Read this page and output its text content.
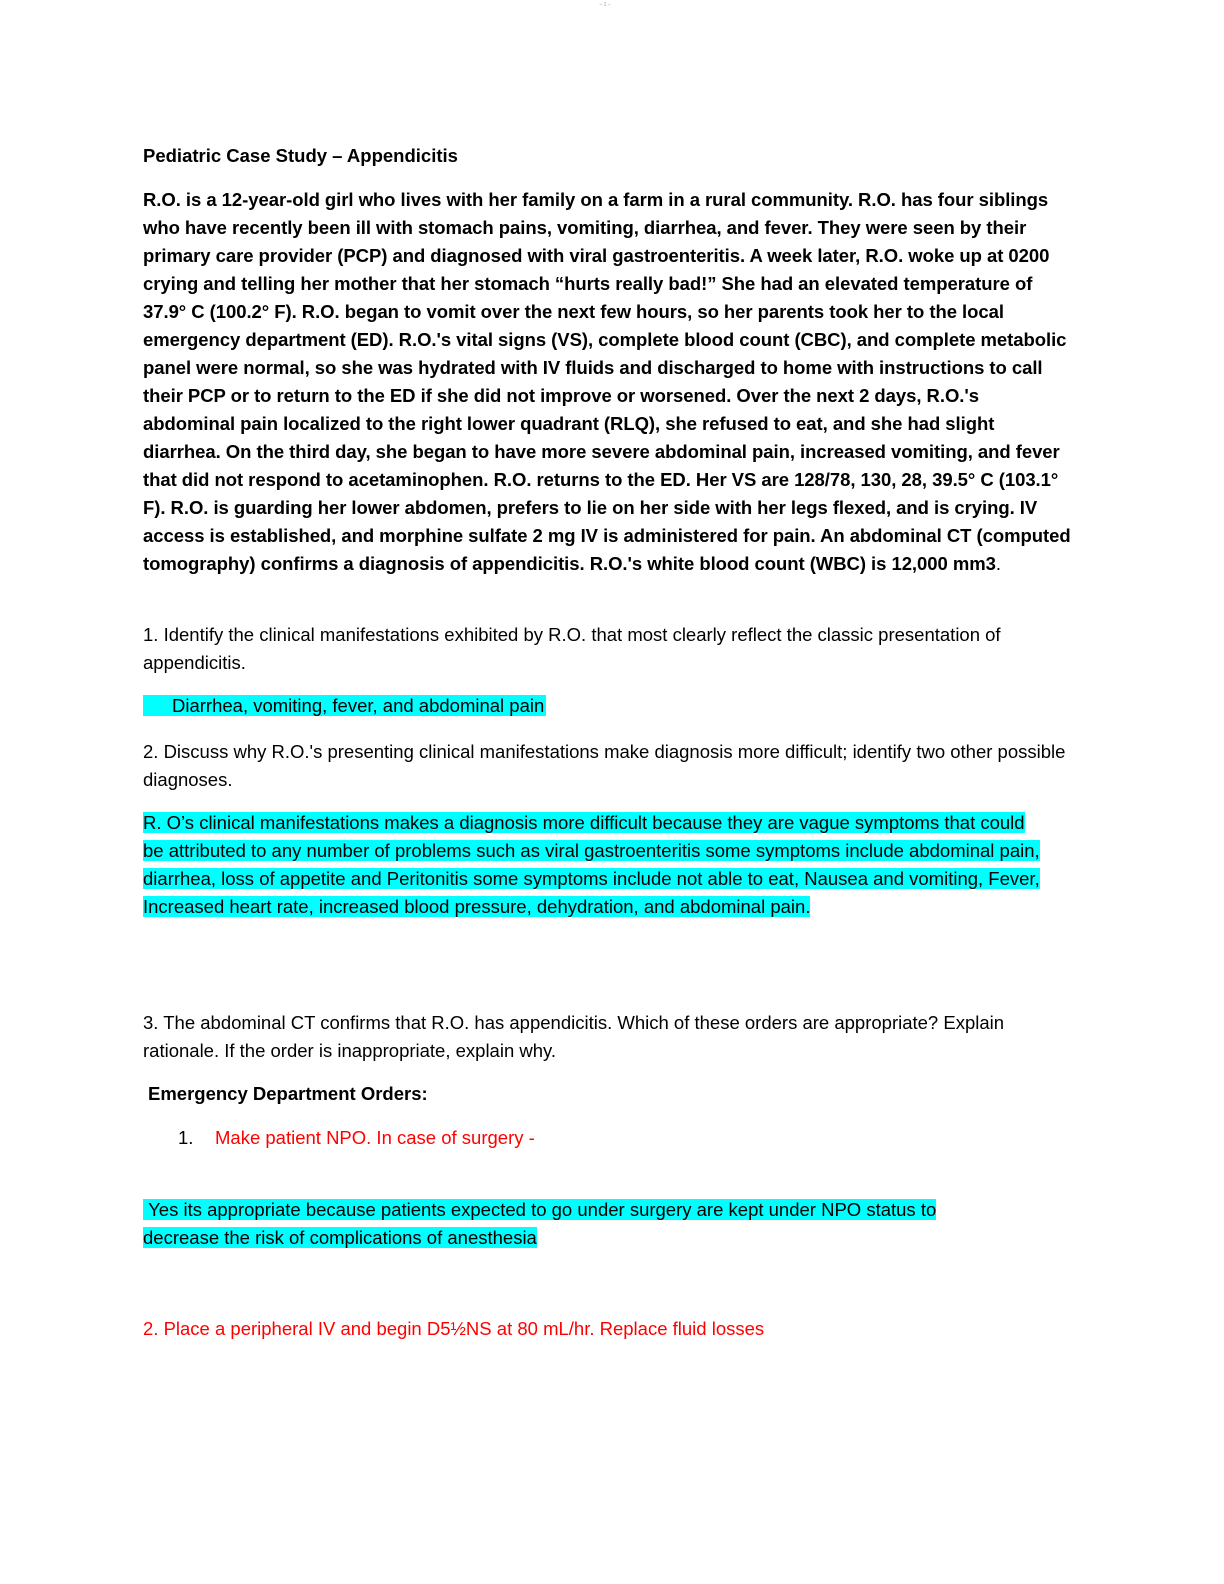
– 1 –

Pediatric Case Study – Appendicitis

R.O. is a 12-year-old girl who lives with her family on a farm in a rural community. R.O. has four siblings who have recently been ill with stomach pains, vomiting, diarrhea, and fever. They were seen by their primary care provider (PCP) and diagnosed with viral gastroenteritis. A week later, R.O. woke up at 0200 crying and telling her mother that her stomach “hurts really bad!” She had an elevated temperature of 37.9° C (100.2° F). R.O. began to vomit over the next few hours, so her parents took her to the local emergency department (ED). R.O.'s vital signs (VS), complete blood count (CBC), and complete metabolic panel were normal, so she was hydrated with IV fluids and discharged to home with instructions to call their PCP or to return to the ED if she did not improve or worsened. Over the next 2 days, R.O.'s abdominal pain localized to the right lower quadrant (RLQ), she refused to eat, and she had slight diarrhea. On the third day, she began to have more severe abdominal pain, increased vomiting, and fever that did not respond to acetaminophen. R.O. returns to the ED. Her VS are 128/78, 130, 28, 39.5° C (103.1° F). R.O. is guarding her lower abdomen, prefers to lie on her side with her legs flexed, and is crying. IV access is established, and morphine sulfate 2 mg IV is administered for pain. An abdominal CT (computed tomography) confirms a diagnosis of appendicitis. R.O.'s white blood count (WBC) is 12,000 mm3.

1. Identify the clinical manifestations exhibited by R.O. that most clearly reflect the classic presentation of appendicitis.

Diarrhea, vomiting, fever, and abdominal pain

2. Discuss why R.O.'s presenting clinical manifestations make diagnosis more difficult; identify two other possible diagnoses.

R. O’s clinical manifestations makes a diagnosis more difficult because they are vague symptoms that could be attributed to any number of problems such as viral gastroenteritis some symptoms include abdominal pain, diarrhea, loss of appetite and Peritonitis some symptoms include not able to eat, Nausea and vomiting, Fever, Increased heart rate, increased blood pressure, dehydration, and abdominal pain.

3. The abdominal CT confirms that R.O. has appendicitis. Which of these orders are appropriate? Explain rationale. If the order is inappropriate, explain why.

Emergency Department Orders:

1. Make patient NPO. In case of surgery -

Yes its appropriate because patients expected to go under surgery are kept under NPO status to decrease the risk of complications of anesthesia

2. Place a peripheral IV and begin D5½NS at 80 mL/hr. Replace fluid losses
